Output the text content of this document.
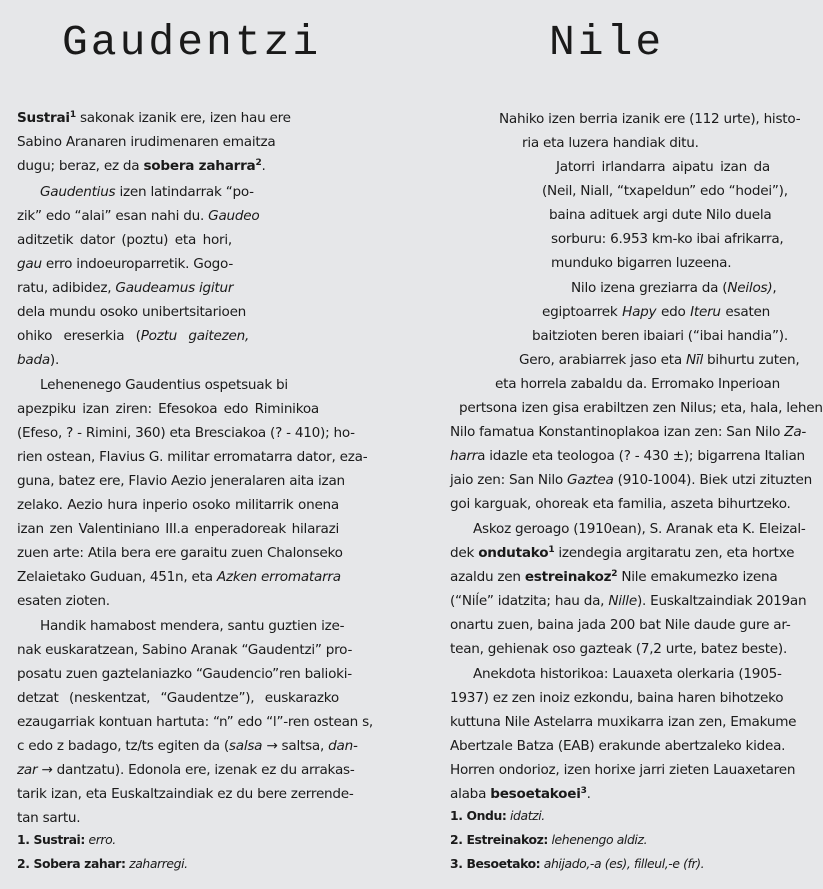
Gaudentzi
Sustrai$^1$ sakonak izanik ere, izen hau ere
Sabino Aranaren irudimenaren emaitza
dugu; beraz, ez da sobera zaharra$^2$.
Gaudentius izen latindarrak “po-
zik” edo “alai” esan nahi du. Gaudeo
aditzetik dator (poztu) eta hori,
gau erro indoeuroparretik. Gogo-
ratu, adibidez, Gaudeamus igitur
dela mundu osoko unibertsitarioen
ohiko ereserkia (Poztu gaitezen,
bada).
Lehenenego Gaudentius ospetsuak bi
apezpiku izan ziren: Efesokoa edo Riminikoa
(Efeso, ? - Rimini, 360) eta Bresciakoa (? - 410); ho-
rien ostean, Flavius G. militar erromatarra dator, eza-
guna, batez ere, Flavio Aezio jeneralaren aita izan
zelako. Aezio hura inperio osoko militarrik onena
izan zen Valentiniano III.a enperadoreak hilarazi
zuen arte: Atila bera ere garaitu zuen Chalonseko
Zelaietako Guduan, 451n, eta Azken erromatarra
esaten zioten.
Handik hamabost mendera, santu guztien ize-
nak euskaratzean, Sabino Aranak “Gaudentzi” pro-
posatu zuen gaztelaniazko “Gaudencio”ren balioki-
detzat (neskentzat, “Gaudentze”), euskarazko
ezaugarriak kontuan hartuta: “n” edo “l”-ren ostean s,
c edo z badago, tz/ts egiten da (salsa → saltsa, dan-
zar → dantzatu). Edonola ere, izenak ez du arrakas-
tarik izan, eta Euskaltzaindiak ez du bere zerrende-
tan sartu.
1. Sustrai: erro.
2. Sobera zahar: zaharregi.
Nile
Nahiko izen berria izanik ere (112 urte), histo-
ria eta luzera handiak ditu.
Jatorri irlandarra aipatu izan da
(Neil, Niall, “txapeldun” edo “hodei”),
baina adituek argi dute Nilo duela
sorburu: 6.953 km-ko ibai afrikarra,
munduko bigarren luzeena.
Nilo izena greziarra da (Neilos),
egiptoarrek Hapy edo Iteru esaten
baitzioten beren ibaiari (“ibai handia”).
Gero, arabiarrek jaso eta Nīl bihurtu zuten,
eta horrela zabaldu da. Erromako Inperioan
pertsona izen gisa erabiltzen zen Nilus; eta, hala, lehen
Nilo famatua Konstantinoplakoa izan zen: San Nilo Za-
harra idazle eta teologoa (? - 430 ±); bigarrena Italian
jaio zen: San Nilo Gaztea (910-1004). Biek utzi zituzten
goi karguak, ohoreak eta familia, aszeta bihurtzeko.
Askoz geroago (1910ean), S. Aranak eta K. Eleizal-
dek ondutako$^1$ izendegia argitaratu zen, eta hortxe
azaldu zen estreinakoz$^2$ Nile emakumezko izena
(“Niĺe” idatzita; hau da, Nille). Euskaltzaindiak 2019an
onartu zuen, baina jada 200 bat Nile daude gure ar-
tean, gehienak oso gazteak (7,2 urte, batez beste).
Anekdota historikoa: Lauaxeta olerkaria (1905-
1937) ez zen inoiz ezkondu, baina haren bihotzeko
kuttuna Nile Astelarra muxikarra izan zen, Emakume
Abertzale Batza (EAB) erakunde abertzaleko kidea.
Horren ondorioz, izen horixe jarri zieten Lauaxetaren
alaba besoetakoei$^3$.
1. Ondu: idatzi.
2. Estreinakoz: lehenengo aldiz.
3. Besoetako: ahijado,-a (es), filleul,-e (fr).
